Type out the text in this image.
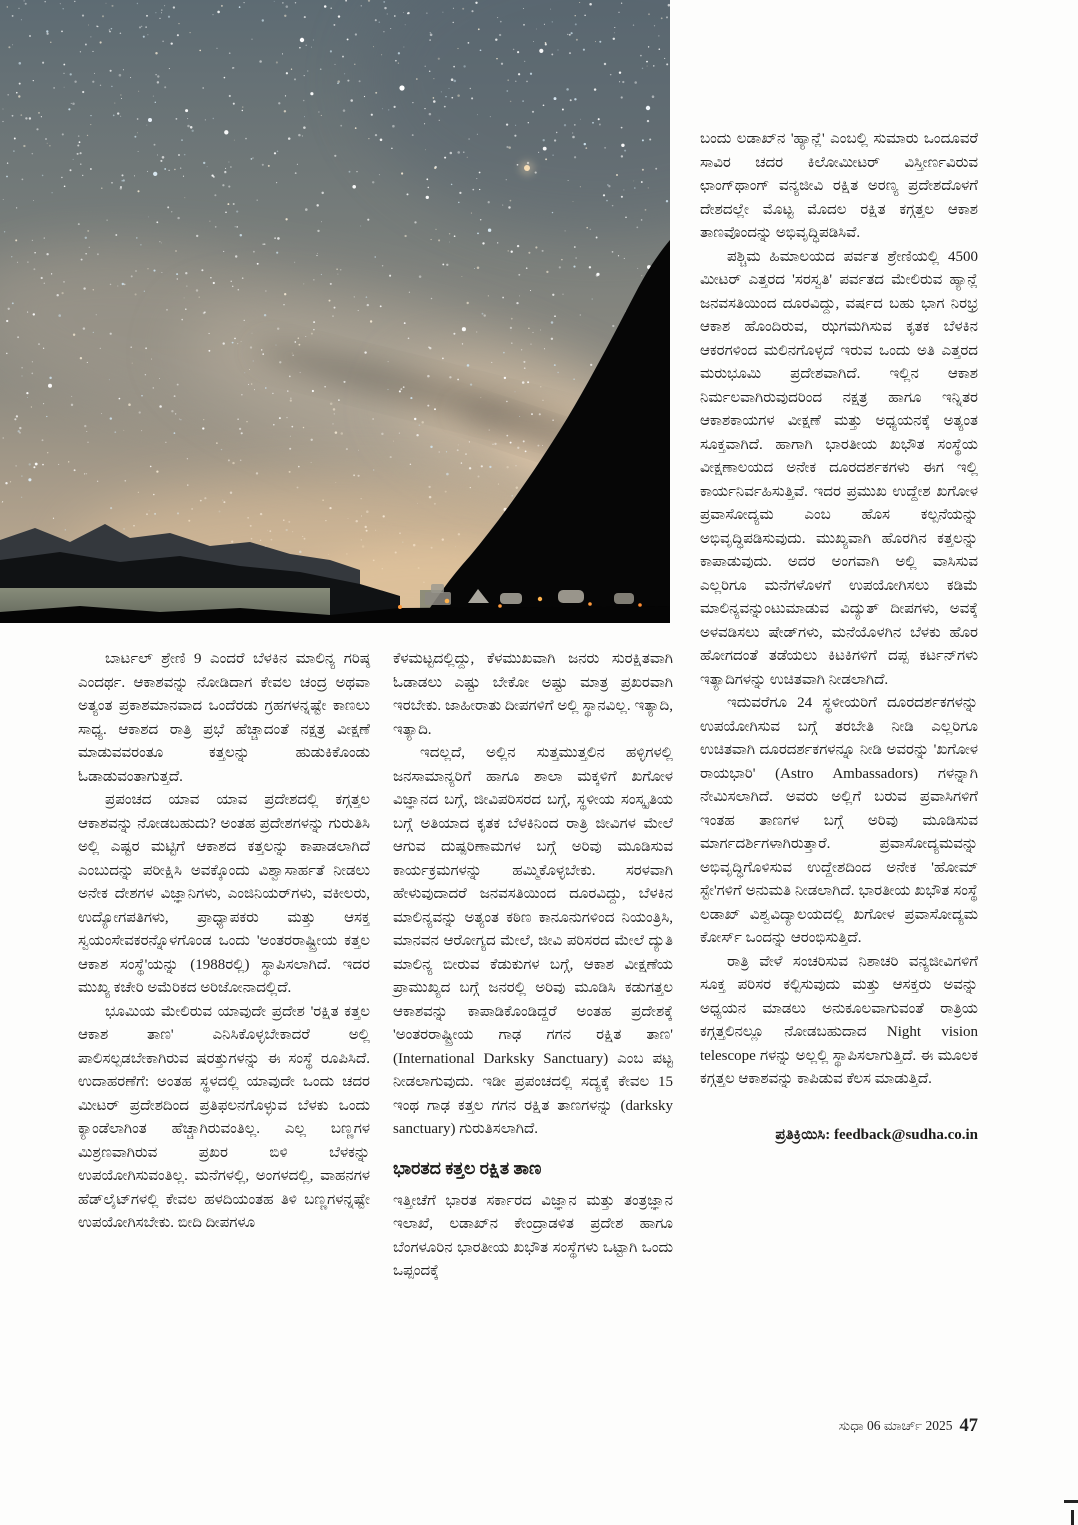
ಬಾರ್ಟಲ್ ಶ್ರೇಣಿ 9 ಎಂದರೆ ಬೆಳಕಿನ ಮಾಲಿನ್ಯ ಗರಿಷ್ಠ ಎಂದರ್ಥ. ಆಕಾಶವನ್ನು ನೋಡಿದಾಗ ಕೇವಲ ಚಂದ್ರ ಅಥವಾ ಅತ್ಯಂತ ಪ್ರಕಾಶಮಾನವಾದ ಒಂದೆರಡು ಗ್ರಹಗಳನ್ನಷ್ಟೇ ಕಾಣಲು ಸಾಧ್ಯ. ಆಕಾಶದ ರಾತ್ರಿ ಪ್ರಭೆ ಹೆಚ್ಚಾದಂತೆ ನಕ್ಷತ್ರ ವೀಕ್ಷಣೆ ಮಾಡುವವರಂತೂ ಕತ್ತಲನ್ನು ಹುಡುಕಿಕೊಂಡು ಓಡಾಡುವಂತಾಗುತ್ತದೆ.

ಪ್ರಪಂಚದ ಯಾವ ಯಾವ ಪ್ರದೇಶದಲ್ಲಿ ಕಗ್ಗತ್ತಲ ಆಕಾಶವನ್ನು ನೋಡಬಹುದು? ಅಂತಹ ಪ್ರದೇಶಗಳನ್ನು ಗುರುತಿಸಿ ಅಲ್ಲಿ ಎಷ್ಟರ ಮಟ್ಟಿಗೆ ಆಕಾಶದ ಕತ್ತಲನ್ನು ಕಾಪಾಡಲಾಗಿದೆ ಎಂಬುದನ್ನು ಪರೀಕ್ಷಿಸಿ ಅವಕ್ಕೊಂದು ವಿಶ್ವಾಸಾರ್ಹತೆ ನೀಡಲು ಅನೇಕ ದೇಶಗಳ ವಿಜ್ಞಾನಿಗಳು, ಎಂಜಿನಿಯರ್‌ಗಳು, ವಕೀಲರು, ಉದ್ಯೋಗಪತಿಗಳು, ಪ್ರಾಧ್ಯಾಪಕರು ಮತ್ತು ಆಸಕ್ತ ಸ್ವಯಂಸೇವಕರನ್ನೊಳಗೊಂಡ ಒಂದು 'ಅಂತರರಾಷ್ಟ್ರೀಯ ಕತ್ತಲ ಆಕಾಶ ಸಂಸ್ಥೆ'ಯನ್ನು (1988ರಲ್ಲಿ) ಸ್ಥಾಪಿಸಲಾಗಿದೆ. ಇದರ ಮುಖ್ಯ ಕಚೇರಿ ಅಮೆರಿಕದ ಅರಿಜೋನಾದಲ್ಲಿದೆ.

ಭೂಮಿಯ ಮೇಲಿರುವ ಯಾವುದೇ ಪ್ರದೇಶ 'ರಕ್ಷಿತ ಕತ್ತಲ ಆಕಾಶ ತಾಣ' ಎನಿಸಿಕೊಳ್ಳಬೇಕಾದರೆ ಅಲ್ಲಿ ಪಾಲಿಸಲ್ಪಡಬೇಕಾಗಿರುವ ಷರತ್ತುಗಳನ್ನು ಈ ಸಂಸ್ಥೆ ರೂಪಿಸಿದೆ. ಉದಾಹರಣೆಗೆ: ಅಂತಹ ಸ್ಥಳದಲ್ಲಿ ಯಾವುದೇ ಒಂದು ಚದರ ಮೀಟರ್ ಪ್ರದೇಶದಿಂದ ಪ್ರತಿಫಲನಗೊಳ್ಳುವ ಬೆಳಕು ಒಂದು ಕ್ಯಾಂಡೆಲಾಗಿಂತ ಹೆಚ್ಚಾಗಿರುವಂತಿಲ್ಲ. ಎಲ್ಲ ಬಣ್ಣಗಳ ಮಿಶ್ರಣವಾಗಿರುವ ಪ್ರಖರ ಬಿಳಿ ಬೆಳಕನ್ನು ಉಪಯೋಗಿಸುವಂತಿಲ್ಲ. ಮನೆಗಳಲ್ಲಿ, ಅಂಗಳದಲ್ಲಿ, ವಾಹನಗಳ ಹೆಡ್‌ಲೈಟ್‌ಗಳಲ್ಲಿ ಕೇವಲ ಹಳದಿಯಂತಹ ತಿಳಿ ಬಣ್ಣಗಳನ್ನಷ್ಟೇ ಉಪಯೋಗಿಸಬೇಕು. ಬೀದಿ ದೀಪಗಳೂ

ಕೆಳಮಟ್ಟದಲ್ಲಿದ್ದು, ಕೆಳಮುಖವಾಗಿ ಜನರು ಸುರಕ್ಷಿತವಾಗಿ ಓಡಾಡಲು ಎಷ್ಟು ಬೇಕೋ ಅಷ್ಟು ಮಾತ್ರ ಪ್ರಖರವಾಗಿ ಇರಬೇಕು. ಜಾಹೀರಾತು ದೀಪಗಳಿಗೆ ಅಲ್ಲಿ ಸ್ಥಾನವಿಲ್ಲ. ಇತ್ಯಾದಿ, ಇತ್ಯಾದಿ.

ಇದಲ್ಲದೆ, ಅಲ್ಲಿನ ಸುತ್ತಮುತ್ತಲಿನ ಹಳ್ಳಿಗಳಲ್ಲಿ ಜನಸಾಮಾನ್ಯರಿಗೆ ಹಾಗೂ ಶಾಲಾ ಮಕ್ಕಳಿಗೆ ಖಗೋಳ ವಿಜ್ಞಾನದ ಬಗ್ಗೆ, ಜೀವಿಪರಿಸರದ ಬಗ್ಗೆ, ಸ್ಥಳೀಯ ಸಂಸ್ಕೃತಿಯ ಬಗ್ಗೆ ಅತಿಯಾದ ಕೃತಕ ಬೆಳಕಿನಿಂದ ರಾತ್ರಿ ಜೀವಿಗಳ ಮೇಲೆ ಆಗುವ ದುಷ್ಪರಿಣಾಮಗಳ ಬಗ್ಗೆ ಅರಿವು ಮೂಡಿಸುವ ಕಾರ್ಯಕ್ರಮಗಳನ್ನು ಹಮ್ಮಿಕೊಳ್ಳಬೇಕು. ಸರಳವಾಗಿ ಹೇಳುವುದಾದರೆ ಜನವಸತಿಯಿಂದ ದೂರವಿದ್ದು, ಬೆಳಕಿನ ಮಾಲಿನ್ಯವನ್ನು ಅತ್ಯಂತ ಕಠಿಣ ಕಾನೂನುಗಳಿಂದ ನಿಯಂತ್ರಿಸಿ, ಮಾನವನ ಆರೋಗ್ಯದ ಮೇಲೆ, ಜೀವಿ ಪರಿಸರದ ಮೇಲೆ ದ್ಯುತಿ ಮಾಲಿನ್ಯ ಬೀರುವ ಕೆಡುಕುಗಳ ಬಗ್ಗೆ, ಆಕಾಶ ವೀಕ್ಷಣೆಯ ಪ್ರಾಮುಖ್ಯದ ಬಗ್ಗೆ ಜನರಲ್ಲಿ ಅರಿವು ಮೂಡಿಸಿ ಕಡುಗತ್ತಲ ಆಕಾಶವನ್ನು ಕಾಪಾಡಿಕೊಂಡಿದ್ದರೆ ಅಂತಹ ಪ್ರದೇಶಕ್ಕೆ 'ಅಂತರರಾಷ್ಟ್ರೀಯ ಗಾಢ ಗಗನ ರಕ್ಷಿತ ತಾಣ' (International Darksky Sanctuary) ಎಂಬ ಪಟ್ಟ ನೀಡಲಾಗುವುದು. ಇಡೀ ಪ್ರಪಂಚದಲ್ಲಿ ಸದ್ಯಕ್ಕೆ ಕೇವಲ 15 ಇಂಥ ಗಾಢ ಕತ್ತಲ ಗಗನ ರಕ್ಷಿತ ತಾಣಗಳನ್ನು (darksky sanctuary) ಗುರುತಿಸಲಾಗಿದೆ.

ಭಾರತದ ಕತ್ತಲ ರಕ್ಷಿತ ತಾಣ

ಇತ್ತೀಚೆಗೆ ಭಾರತ ಸರ್ಕಾರದ ವಿಜ್ಞಾನ ಮತ್ತು ತಂತ್ರಜ್ಞಾನ ಇಲಾಖೆ, ಲಡಾಖ್‌ನ ಕೇಂದ್ರಾಡಳಿತ ಪ್ರದೇಶ ಹಾಗೂ ಬೆಂಗಳೂರಿನ ಭಾರತೀಯ ಖಭೌತ ಸಂಸ್ಥೆಗಳು ಒಟ್ಟಾಗಿ ಒಂದು ಒಪ್ಪಂದಕ್ಕೆ

ಬಂದು ಲಡಾಖ್‌ನ 'ಹ್ಯಾನ್ಲೆ' ಎಂಬಲ್ಲಿ ಸುಮಾರು ಒಂದೂವರೆ ಸಾವಿರ ಚದರ ಕಿಲೋಮೀಟರ್ ವಿಸ್ತೀರ್ಣವಿರುವ ಛಾಂಗ್‌ಥಾಂಗ್ ವನ್ಯಜೀವಿ ರಕ್ಷಿತ ಅರಣ್ಯ ಪ್ರದೇಶದೊಳಗೆ ದೇಶದಲ್ಲೇ ಮೊಟ್ಟ ಮೊದಲ ರಕ್ಷಿತ ಕಗ್ಗತ್ತಲ ಆಕಾಶ ತಾಣವೊಂದನ್ನು ಅಭಿವೃದ್ಧಿಪಡಿಸಿವೆ.

ಪಶ್ಚಿಮ ಹಿಮಾಲಯದ ಪರ್ವತ ಶ್ರೇಣಿಯಲ್ಲಿ 4500 ಮೀಟರ್ ಎತ್ತರದ 'ಸರಸ್ವತಿ' ಪರ್ವತದ ಮೇಲಿರುವ ಹ್ಯಾನ್ಲೆ ಜನವಸತಿಯಿಂದ ದೂರವಿದ್ದು, ವರ್ಷದ ಬಹು ಭಾಗ ನಿರಭ್ರ ಆಕಾಶ ಹೊಂದಿರುವ, ಝಗಮಗಿಸುವ ಕೃತಕ ಬೆಳಕಿನ ಆಕರಗಳಿಂದ ಮಲಿನಗೊಳ್ಳದೆ ಇರುವ ಒಂದು ಅತಿ ಎತ್ತರದ ಮರುಭೂಮಿ ಪ್ರದೇಶವಾಗಿದೆ. ಇಲ್ಲಿನ ಆಕಾಶ ನಿರ್ಮಲವಾಗಿರುವುದರಿಂದ ನಕ್ಷತ್ರ ಹಾಗೂ ಇನ್ನಿತರ ಆಕಾಶಕಾಯಗಳ ವೀಕ್ಷಣೆ ಮತ್ತು ಅಧ್ಯಯನಕ್ಕೆ ಅತ್ಯಂತ ಸೂಕ್ತವಾಗಿದೆ. ಹಾಗಾಗಿ ಭಾರತೀಯ ಖಭೌತ ಸಂಸ್ಥೆಯ ವೀಕ್ಷಣಾಲಯದ ಅನೇಕ ದೂರದರ್ಶಕಗಳು ಈಗ ಇಲ್ಲಿ ಕಾರ್ಯನಿರ್ವಹಿಸುತ್ತಿವೆ. ಇದರ ಪ್ರಮುಖ ಉದ್ದೇಶ ಖಗೋಳ ಪ್ರವಾಸೋದ್ಯಮ ಎಂಬ ಹೊಸ ಕಲ್ಪನೆಯನ್ನು ಅಭಿವೃದ್ಧಿಪಡಿಸುವುದು. ಮುಖ್ಯವಾಗಿ ಹೊರಗಿನ ಕತ್ತಲನ್ನು ಕಾಪಾಡುವುದು. ಅದರ ಅಂಗವಾಗಿ ಅಲ್ಲಿ ವಾಸಿಸುವ ಎಲ್ಲರಿಗೂ ಮನೆಗಳೊಳಗೆ ಉಪಯೋಗಿಸಲು ಕಡಿಮೆ ಮಾಲಿನ್ಯವನ್ನುಂಟುಮಾಡುವ ವಿದ್ಯುತ್ ದೀಪಗಳು, ಅವಕ್ಕೆ ಅಳವಡಿಸಲು ಷೇಡ್‌ಗಳು, ಮನೆಯೊಳಗಿನ ಬೆಳಕು ಹೊರ ಹೋಗದಂತೆ ತಡೆಯಲು ಕಿಟಕಿಗಳಿಗೆ ದಪ್ಪ ಕರ್ಟನ್‌ಗಳು ಇತ್ಯಾದಿಗಳನ್ನು ಉಚಿತವಾಗಿ ನೀಡಲಾಗಿದೆ.

ಇದುವರೆಗೂ 24 ಸ್ಥಳೀಯರಿಗೆ ದೂರದರ್ಶಕಗಳನ್ನು ಉಪಯೋಗಿಸುವ ಬಗ್ಗೆ ತರಬೇತಿ ನೀಡಿ ಎಲ್ಲರಿಗೂ ಉಚಿತವಾಗಿ ದೂರದರ್ಶಕಗಳನ್ನೂ ನೀಡಿ ಅವರನ್ನು 'ಖಗೋಳ ರಾಯಭಾರಿ' (Astro Ambassadors) ಗಳನ್ನಾಗಿ ನೇಮಿಸಲಾಗಿದೆ. ಅವರು ಅಲ್ಲಿಗೆ ಬರುವ ಪ್ರವಾಸಿಗಳಿಗೆ ಇಂತಹ ತಾಣಗಳ ಬಗ್ಗೆ ಅರಿವು ಮೂಡಿಸುವ ಮಾರ್ಗದರ್ಶಿಗಳಾಗಿರುತ್ತಾರೆ. ಪ್ರವಾಸೋದ್ಯಮವನ್ನು ಅಭಿವೃದ್ಧಿಗೊಳಿಸುವ ಉದ್ದೇಶದಿಂದ ಅನೇಕ 'ಹೋಮ್ ಸ್ಟೇ'ಗಳಿಗೆ ಅನುಮತಿ ನೀಡಲಾಗಿದೆ. ಭಾರತೀಯ ಖಭೌತ ಸಂಸ್ಥೆ ಲಡಾಖ್ ವಿಶ್ವವಿದ್ಯಾಲಯದಲ್ಲಿ ಖಗೋಳ ಪ್ರವಾಸೋದ್ಯಮ ಕೋರ್ಸ್ ಒಂದನ್ನು ಆರಂಭಿಸುತ್ತಿದೆ.

ರಾತ್ರಿ ವೇಳೆ ಸಂಚರಿಸುವ ನಿಶಾಚರಿ ವನ್ಯಜೀವಿಗಳಿಗೆ ಸೂಕ್ತ ಪರಿಸರ ಕಲ್ಪಿಸುವುದು ಮತ್ತು ಆಸಕ್ತರು ಅವನ್ನು ಅಧ್ಯಯನ ಮಾಡಲು ಅನುಕೂಲವಾಗುವಂತೆ ರಾತ್ರಿಯ ಕಗ್ಗತ್ತಲಿನಲ್ಲೂ ನೋಡಬಹುದಾದ Night vision telescope ಗಳನ್ನು ಅಲ್ಲಲ್ಲಿ ಸ್ಥಾಪಿಸಲಾಗುತ್ತಿದೆ. ಈ ಮೂಲಕ ಕಗ್ಗತ್ತಲ ಆಕಾಶವನ್ನು ಕಾಪಿಡುವ ಕೆಲಸ ಮಾಡುತ್ತಿದೆ.

ಪ್ರತಿಕ್ರಿಯಿಸಿ: feedback@sudha.co.in
ಸುಧಾ 06 ಮಾರ್ಚ್ 2025 47
